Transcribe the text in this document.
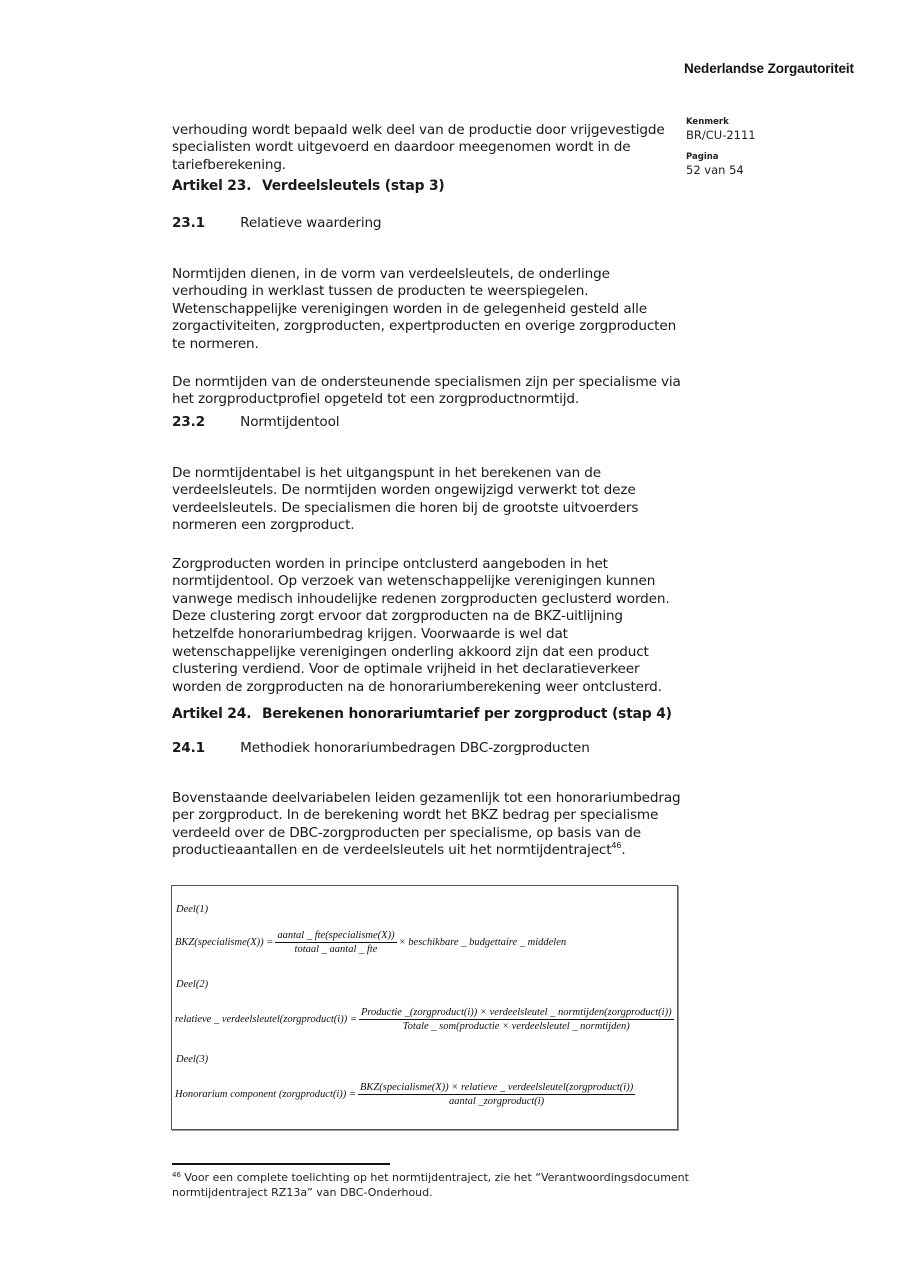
Nederlandse Zorgautoriteit
Kenmerk
BR/CU-2111
Pagina
52 van 54

verhouding wordt bepaald welk deel van de productie door vrijgevestigde specialisten wordt uitgevoerd en daardoor meegenomen wordt in de tariefberekening.

Artikel 23. Verdeelsleutels (stap 3)
23.1	Relatieve waardering

Normtijden dienen, in de vorm van verdeelsleutels, de onderlinge verhouding in werklast tussen de producten te weerspiegelen. Wetenschappelijke verenigingen worden in de gelegenheid gesteld alle zorgactiviteiten, zorgproducten, expertproducten en overige zorgproducten te normeren.

De normtijden van de ondersteunende specialismen zijn per specialisme via het zorgproductprofiel opgeteld tot een zorgproductnormtijd.

23.2	Normtijdentool

De normtijdentabel is het uitgangspunt in het berekenen van de verdeelsleutels. De normtijden worden ongewijzigd verwerkt tot deze verdeelsleutels. De specialismen die horen bij de grootste uitvoerders normeren een zorgproduct.

Zorgproducten worden in principe ontclusterd aangeboden in het normtijdentool. Op verzoek van wetenschappelijke verenigingen kunnen vanwege medisch inhoudelijke redenen zorgproducten geclusterd worden. Deze clustering zorgt ervoor dat zorgproducten na de BKZ-uitlijning hetzelfde honorariumbedrag krijgen. Voorwaarde is wel dat wetenschappelijke verenigingen onderling akkoord zijn dat een product clustering verdiend. Voor de optimale vrijheid in het declaratieverkeer worden de zorgproducten na de honorariumberekening weer ontclusterd.

Artikel 24. Berekenen honorariumtarief per zorgproduct (stap 4)
24.1	Methodiek honorariumbedragen DBC-zorgproducten

Bovenstaande deelvariabelen leiden gezamenlijk tot een honorariumbedrag per zorgproduct. In de berekening wordt het BKZ bedrag per specialisme verdeeld over de DBC-zorgproducten per specialisme, op basis van de productieaantallen en de verdeelsleutels uit het normtijdentraject$^{46}$.

Deel(1)
BKZ(specialisme(X)) = $\frac{\text{aantal \_ fte(specialisme(X))}}{\text{totaal \_ aantal \_ fte}}$ × beschikbare _ budgettaire _ middelen
Deel(2)
relatieve _ verdeelsleutel(zorgproduct(i)) =
Productie _(zorgproduct(i)) × verdeelsleutel _ normtijden(zorgproduct(i))
Totale _ som(productie × verdeelsleutel _ normtijden)
Deel(3)
Honorarium component (zorgproduct(i)) =
BKZ(specialisme(X)) × relatieve _ verdeelsleutel(zorgproduct(i))
aantal _zorgproduct(i)
$^{46}$ Voor een complete toelichting op het normtijdentraject, zie het “Verantwoordingsdocument normtijdentraject RZ13a” van DBC-Onderhoud.
